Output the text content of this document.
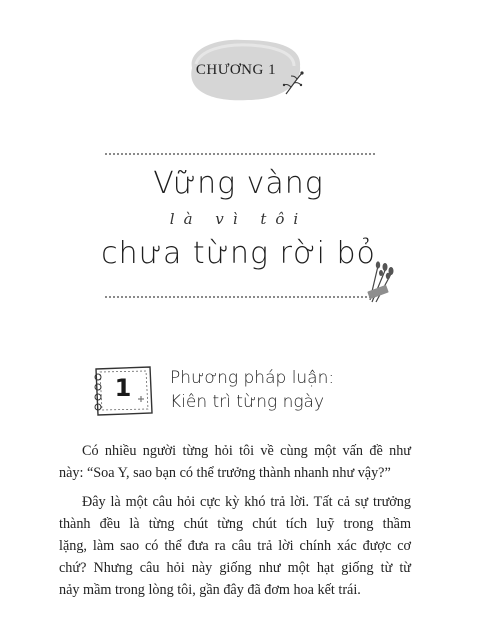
CHƯƠNG 1
Vững vàng
là vì tôi
chưa từng rời bỏ
1	Phương pháp luận:
Kiên trì từng ngày
Có nhiều người từng hỏi tôi về cùng một vấn đề như
này: “Soa Y, sao bạn có thể trưởng thành nhanh như vậy?”
Đây là một câu hỏi cực kỳ khó trả lời. Tất cả sự trưởng
thành đều là từng chút từng chút tích luỹ trong thầm
lặng, làm sao có thể đưa ra câu trả lời chính xác được cơ
chứ? Nhưng câu hỏi này giống như một hạt giống từ từ
nảy mầm trong lòng tôi, gần đây đã đơm hoa kết trái.
